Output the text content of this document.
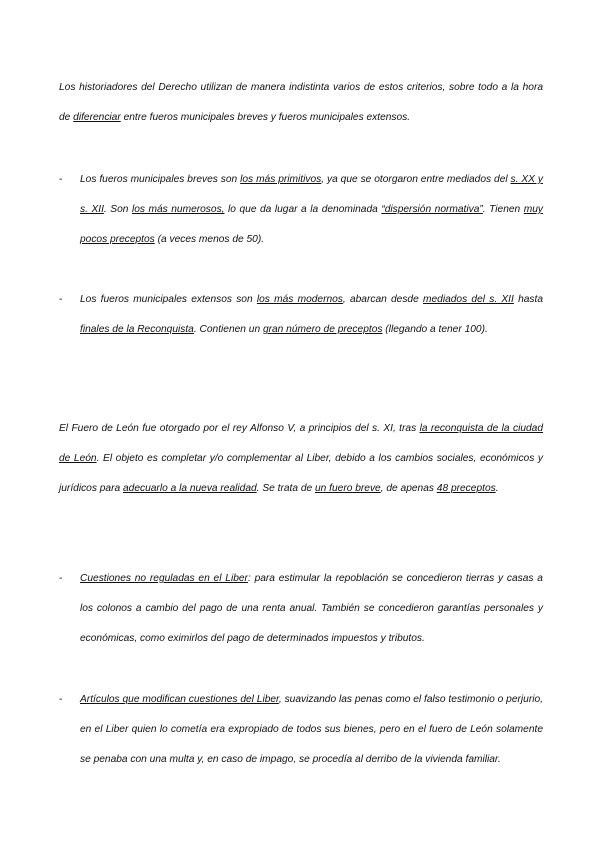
Los historiadores del Derecho utilizan de manera indistinta varios de estos criterios, sobre todo a la hora de diferenciar entre fueros municipales breves y fueros municipales extensos.

- Los fueros municipales breves son los más primitivos, ya que se otorgaron entre mediados del s. XX y s. XII. Son los más numerosos, lo que da lugar a la denominada “dispersión normativa”. Tienen muy pocos preceptos (a veces menos de 50).
- Los fueros municipales extensos son los más modernos, abarcan desde mediados del s. XII hasta finales de la Reconquista. Contienen un gran número de preceptos (llegando a tener 100).

El Fuero de León fue otorgado por el rey Alfonso V, a principios del s. XI, tras la reconquista de la ciudad de León. El objeto es completar y/o complementar al Liber, debido a los cambios sociales, económicos y jurídicos para adecuarlo a la nueva realidad. Se trata de un fuero breve, de apenas 48 preceptos.

- Cuestiones no reguladas en el Liber: para estimular la repoblación se concedieron tierras y casas a los colonos a cambio del pago de una renta anual. También se concedieron garantías personales y económicas, como eximirlos del pago de determinados impuestos y tributos.
- Artículos que modifican cuestiones del Liber, suavizando las penas como el falso testimonio o perjurio, en el Liber quien lo cometía era expropiado de todos sus bienes, pero en el fuero de León solamente se penaba con una multa y, en caso de impago, se procedía al derribo de la vivienda familiar.
